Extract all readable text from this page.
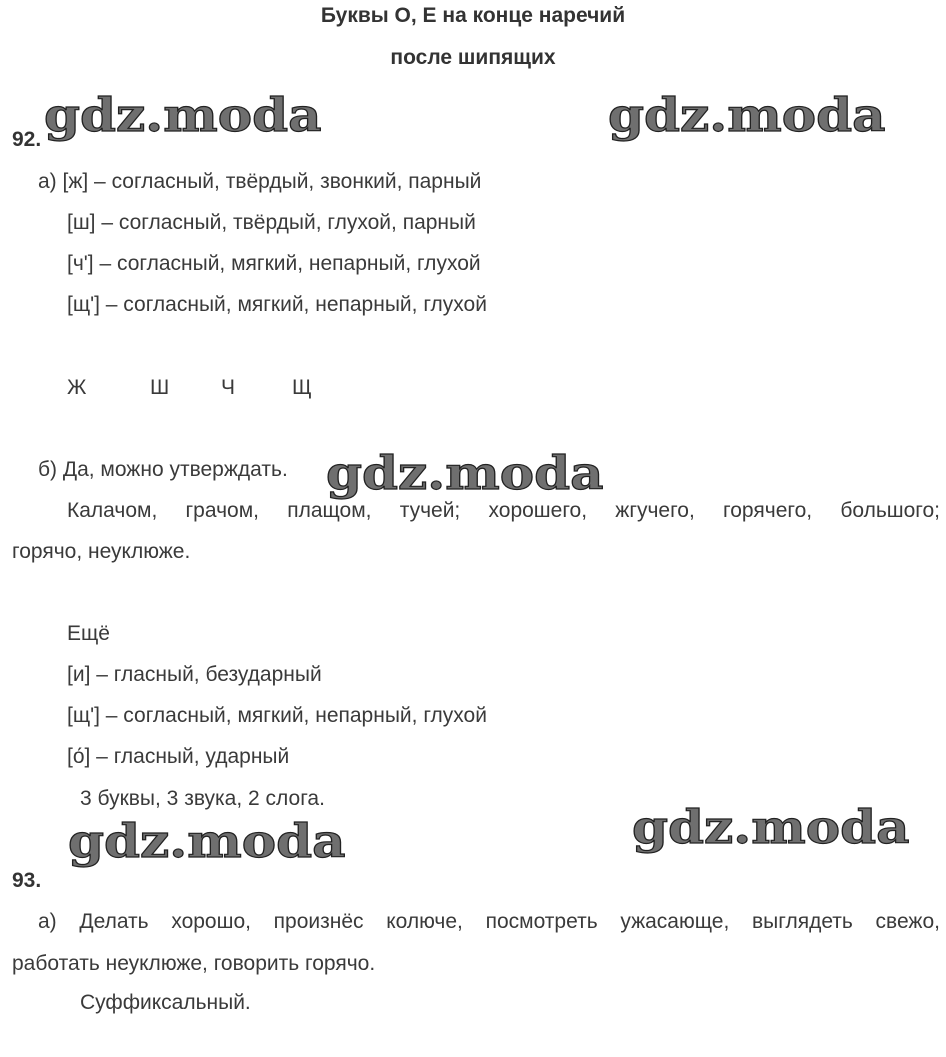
Буквы О, Е на конце наречий
после шипящих
gdz.moda	gdz.moda
gdz.moda
gdz.moda	gdz.moda
92.
а) [ж] – согласный, твёрдый, звонкий, парный
[ш] – согласный, твёрдый, глухой, парный
[ч'] – согласный, мягкий, непарный, глухой
[щ'] – согласный, мягкий, непарный, глухой
Ж	Ш Ч	Щ
б) Да, можно утверждать.
Калачом, грачом, плащом, тучей; хорошего, жгучего, горячего, большого;
горячо, неуклюже.
Ещё
[и] – гласный, безударный
[щ'] – согласный, мягкий, непарный, глухой
[о́] – гласный, ударный
3 буквы, 3 звука, 2 слога.
93.
а) Делать хорошо, произнёс колюче, посмотреть ужасающе, выглядеть свежо,
работать неуклюже, говорить горячо.
Суффиксальный.
